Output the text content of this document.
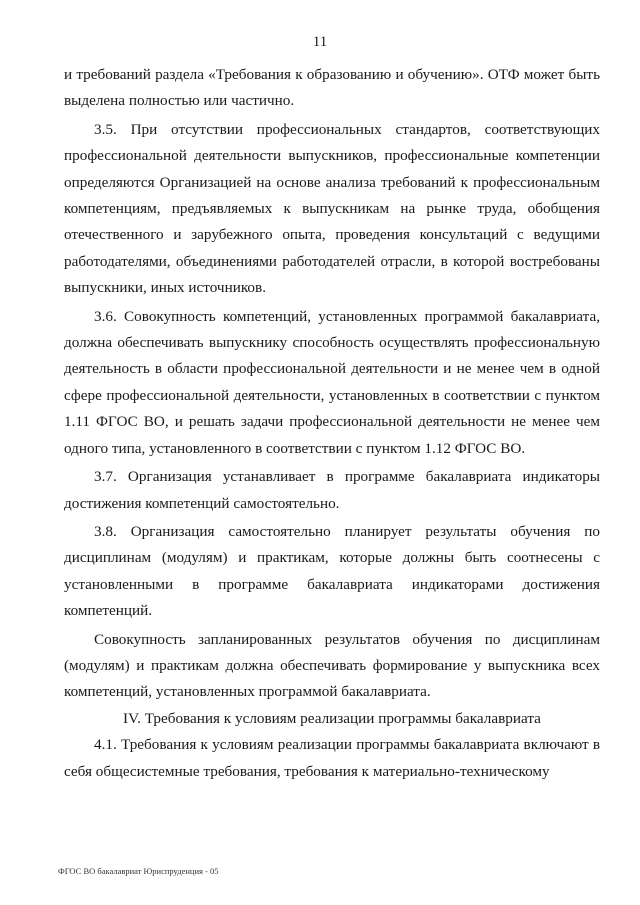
11

и требований раздела «Требования к образованию и обучению». ОТФ может быть выделена полностью или частично.

3.5. При отсутствии профессиональных стандартов, соответствующих профессиональной деятельности выпускников, профессиональные компетенции определяются Организацией на основе анализа требований к профессиональным компетенциям, предъявляемых к выпускникам на рынке труда, обобщения отечественного и зарубежного опыта, проведения консультаций с ведущими работодателями, объединениями работодателей отрасли, в которой востребованы выпускники, иных источников.

3.6. Совокупность компетенций, установленных программой бакалавриата, должна обеспечивать выпускнику способность осуществлять профессиональную деятельность в области профессиональной деятельности и не менее чем в одной сфере профессиональной деятельности, установленных в соответствии с пунктом 1.11 ФГОС ВО, и решать задачи профессиональной деятельности не менее чем одного типа, установленного в соответствии с пунктом 1.12 ФГОС ВО.

3.7. Организация устанавливает в программе бакалавриата индикаторы достижения компетенций самостоятельно.

3.8. Организация самостоятельно планирует результаты обучения по дисциплинам (модулям) и практикам, которые должны быть соотнесены с установленными в программе бакалавриата индикаторами достижения компетенций.

Совокупность запланированных результатов обучения по дисциплинам (модулям) и практикам должна обеспечивать формирование у выпускника всех компетенций, установленных программой бакалавриата.

IV. Требования к условиям реализации программы бакалавриата

4.1. Требования к условиям реализации программы бакалавриата включают в себя общесистемные требования, требования к материально-техническому

ФГОС ВО бакалавриат Юриспруденция - 05
